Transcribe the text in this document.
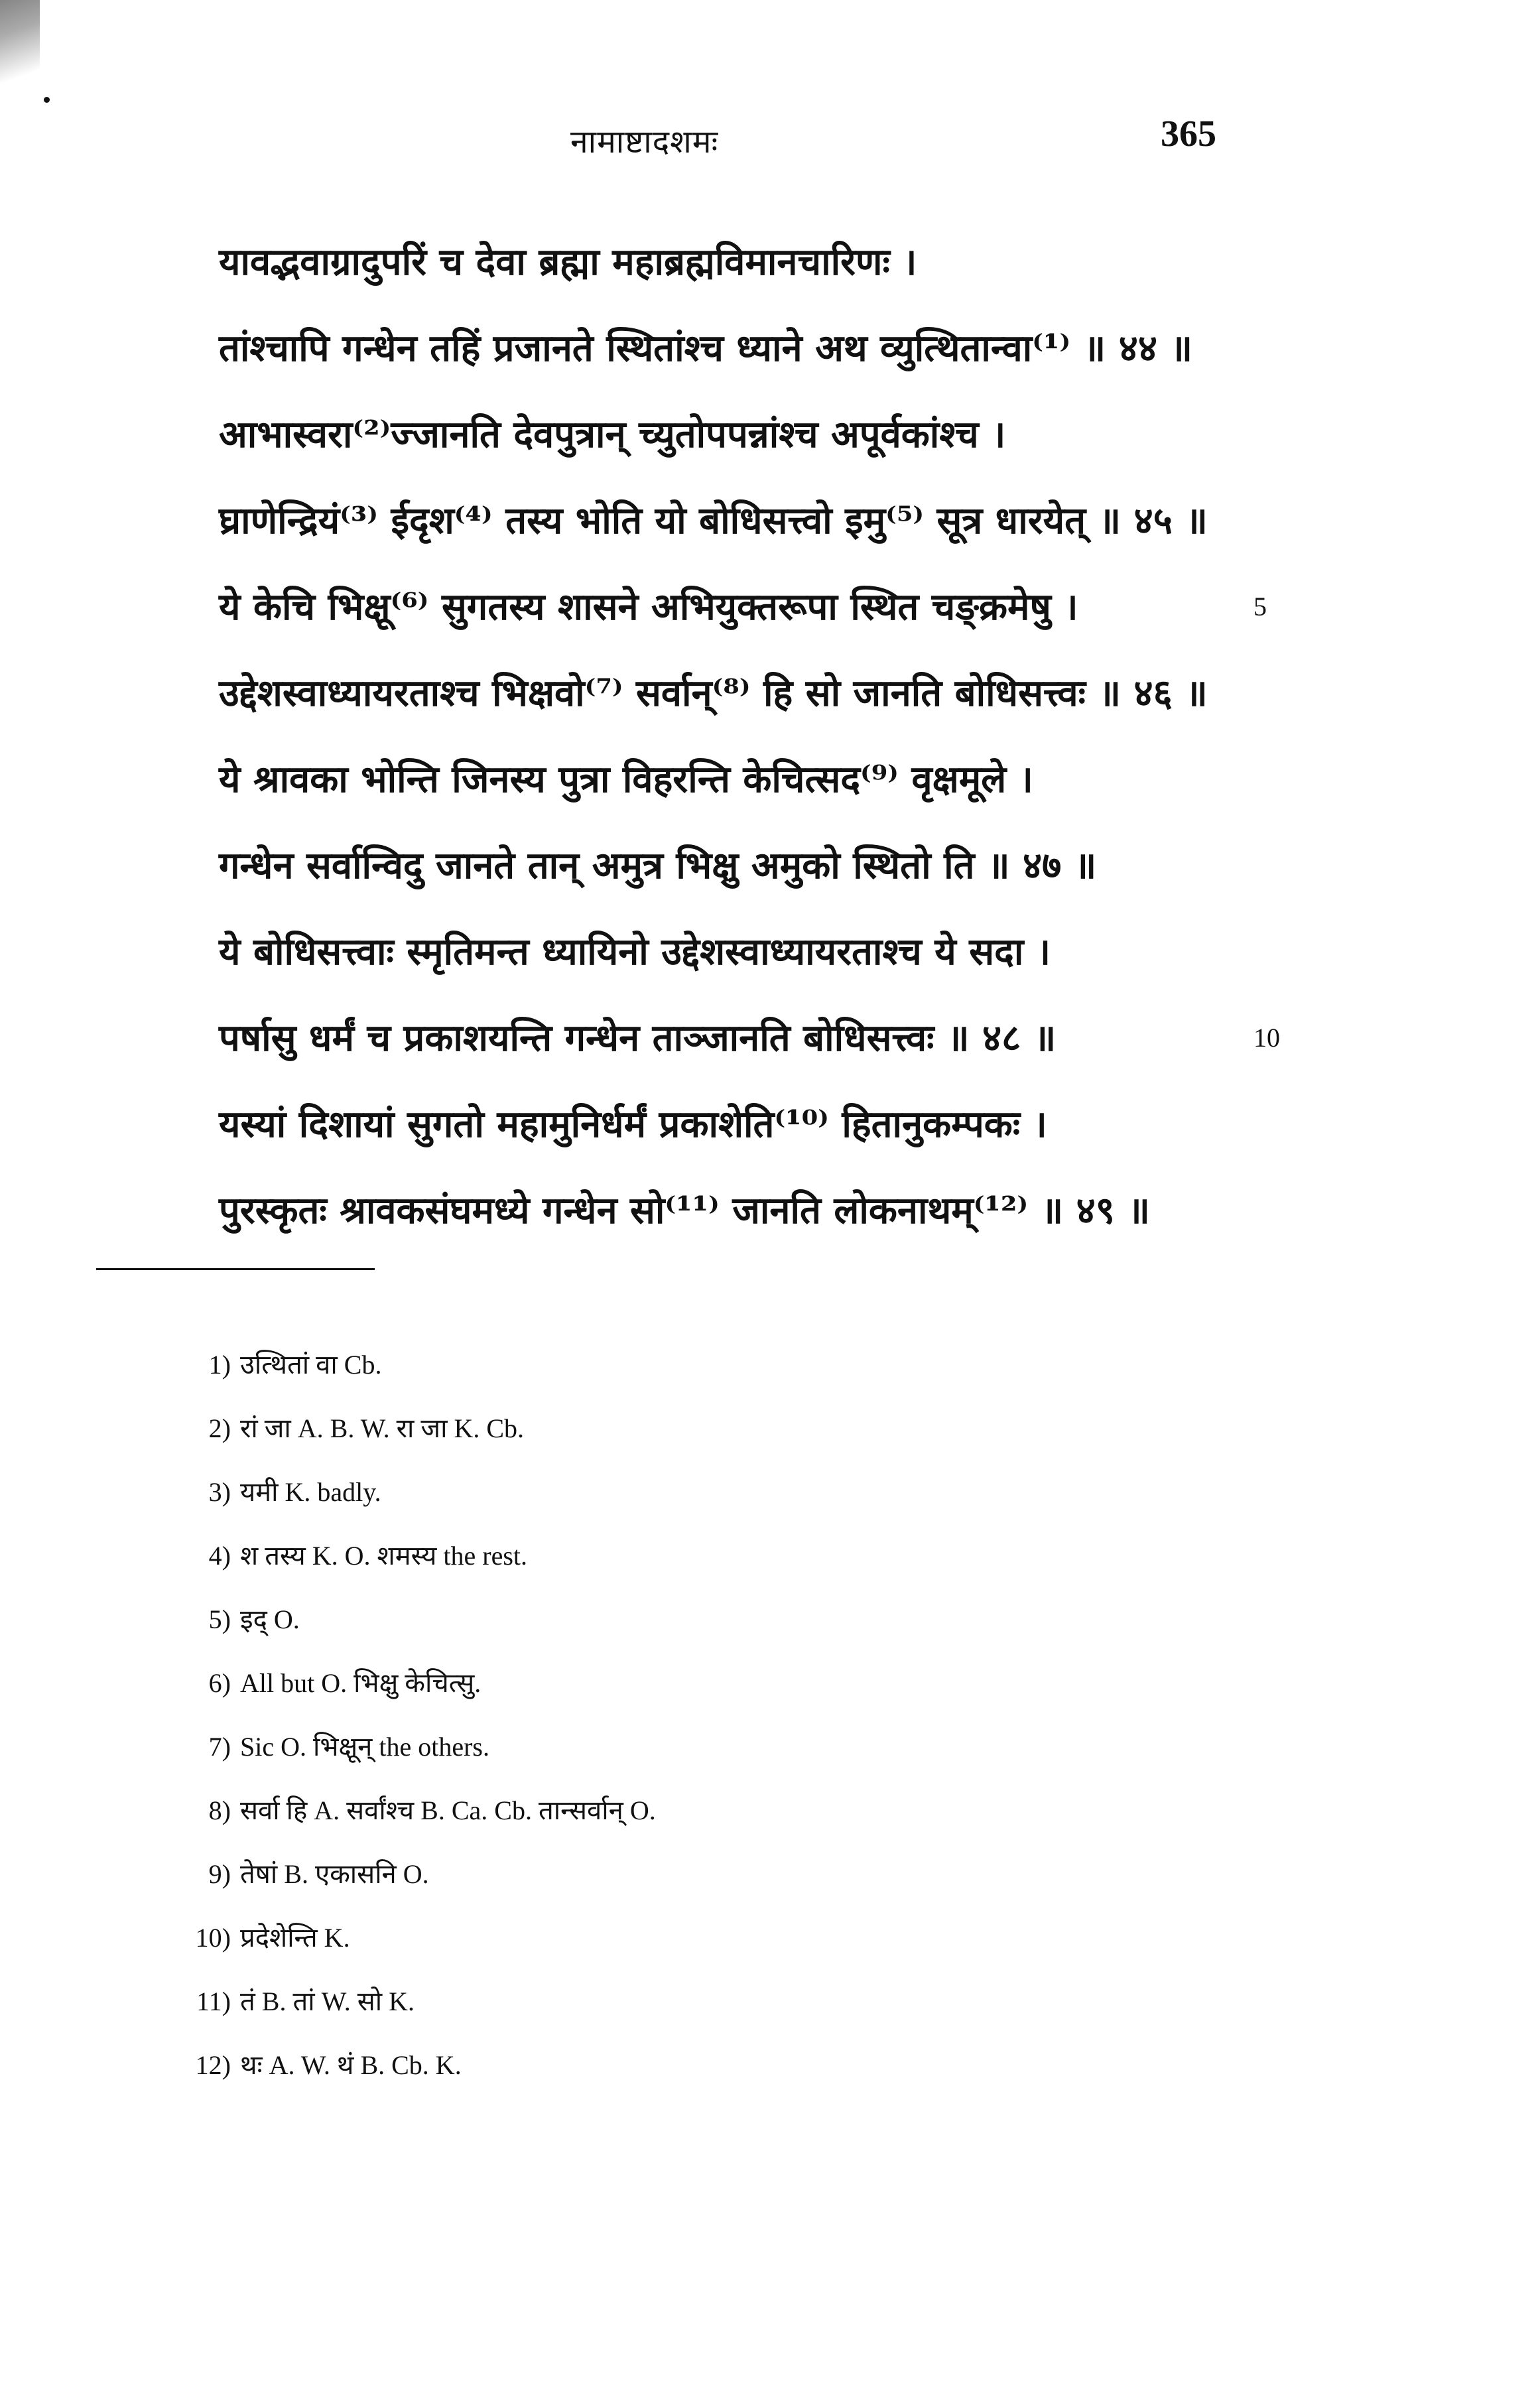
नामाष्टादशमः	365
यावद्भवाग्रादुपरिं च देवा ब्रह्मा महाब्रह्मविमानचारिणः ।
तांश्चापि गन्धेन तहिं प्रजानते स्थितांश्च ध्याने अथ व्युत्थितान्वा⁽¹⁾ ॥ ४४ ॥
आभास्वरा⁽²⁾ज्जानति देवपुत्रान् च्युतोपपन्नांश्च अपूर्वकांश्च ।
घ्राणेन्द्रियं⁽³⁾ ईदृश⁽⁴⁾ तस्य भोति यो बोधिसत्त्वो इमु⁽⁵⁾ सूत्र धारयेत् ॥ ४५ ॥
ये केचि भिक्षू⁽⁶⁾ सुगतस्य शासने अभियुक्तरूपा स्थित चङ्क्रमेषु ।	5
उद्देशस्वाध्यायरताश्च भिक्षवो⁽⁷⁾ सर्वान्⁽⁸⁾ हि सो जानति बोधिसत्त्वः ॥ ४६ ॥
ये श्रावका भोन्ति जिनस्य पुत्रा विहरन्ति केचित्सद⁽⁹⁾ वृक्षमूले ।
गन्धेन सर्वान्विदु जानते तान् अमुत्र भिक्षु अमुको स्थितो ति ॥ ४७ ॥
ये बोधिसत्त्वाः स्मृतिमन्त ध्यायिनो उद्देशस्वाध्यायरताश्च ये सदा ।
पर्षासु धर्मं च प्रकाशयन्ति गन्धेन ताञ्जानति बोधिसत्त्वः ॥ ४८ ॥	10
यस्यां दिशायां सुगतो महामुनिर्धर्मं प्रकाशेति⁽¹⁰⁾ हितानुकम्पकः ।
पुरस्कृतः श्रावकसंघमध्ये गन्धेन सो⁽¹¹⁾ जानति लोकनाथम्⁽¹²⁾ ॥ ४९ ॥
1) उत्थितां वा Cb.
2) रां जा A. B. W. रा जा K. Cb.
3) यमी K. badly.
4) श तस्य K. O. शमस्य the rest.
5) इद् O.
6) All but O. भिक्षु केचित्सु.
7) Sic O. भिक्षून् the others.
8) सर्वा हि A. सर्वांश्च B. Ca. Cb. तान्सर्वान् O.
9) तेषां B. एकासनि O.
10) प्रदेशेन्ति K.
11) तं B. तां W. सो K.
12) थः A. W. थं B. Cb. K.
